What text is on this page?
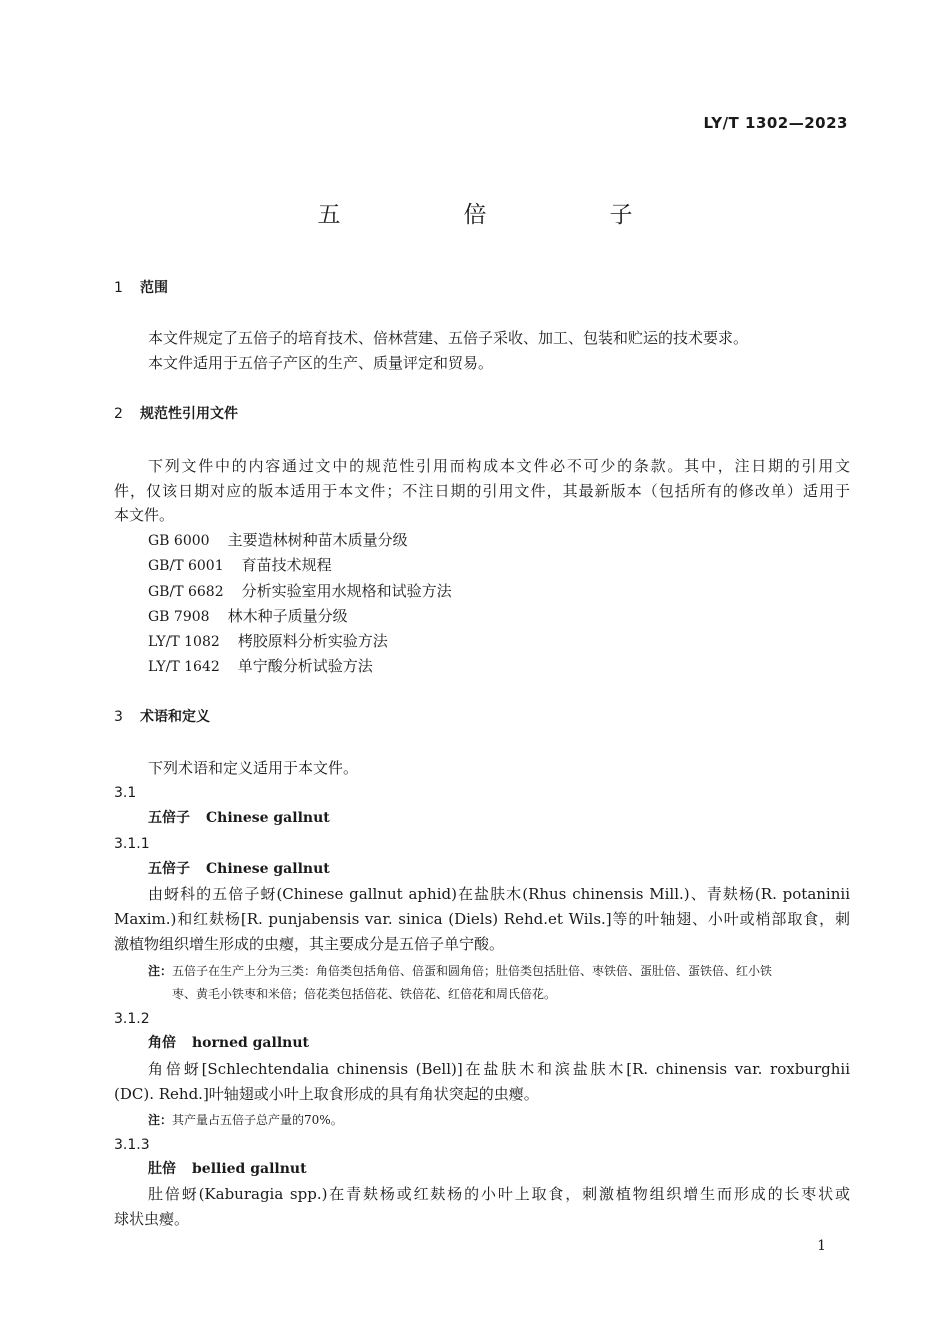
LY/T 1302—2023
五　倍　子
1 范围
本文件规定了五倍子的培育技术、倍林营建、五倍子采收、加工、包装和贮运的技术要求。
本文件适用于五倍子产区的生产、质量评定和贸易。
2 规范性引用文件
下列文件中的内容通过文中的规范性引用而构成本文件必不可少的条款。其中，注日期的引用文
件，仅该日期对应的版本适用于本文件；不注日期的引用文件，其最新版本（包括所有的修改单）适用于
本文件。
GB 6000 主要造林树种苗木质量分级
GB/T 6001 育苗技术规程
GB/T 6682 分析实验室用水规格和试验方法
GB 7908 林木种子质量分级
LY/T 1082 栲胶原料分析实验方法
LY/T 1642 单宁酸分析试验方法
3 术语和定义
下列术语和定义适用于本文件。
3.1
五倍子 Chinese gallnut
3.1.1
五倍子 Chinese gallnut
由蚜科的五倍子蚜(Chinese gallnut aphid)在盐肤木(Rhus chinensis Mill.)、青麸杨(R. potaninii
Maxim.)和红麸杨[R. punjabensis var. sinica (Diels) Rehd.et Wils.]等的叶轴翅、小叶或梢部取食，刺
激植物组织增生形成的虫瘿，其主要成分是五倍子单宁酸。
注：五倍子在生产上分为三类：角倍类包括角倍、倍蛋和圆角倍；肚倍类包括肚倍、枣铁倍、蛋肚倍、蛋铁倍、红小铁
枣、黄毛小铁枣和米倍；倍花类包括倍花、铁倍花、红倍花和周氏倍花。
3.1.2
角倍 horned gallnut
角倍蚜[Schlechtendalia chinensis (Bell)]在盐肤木和滨盐肤木[R. chinensis var. roxburghii
(DC). Rehd.]叶轴翅或小叶上取食形成的具有角状突起的虫瘿。
注：其产量占五倍子总产量的70%。
3.1.3
肚倍 bellied gallnut
肚倍蚜(Kaburagia spp.)在青麸杨或红麸杨的小叶上取食，刺激植物组织增生而形成的长枣状或
球状虫瘿。
1
